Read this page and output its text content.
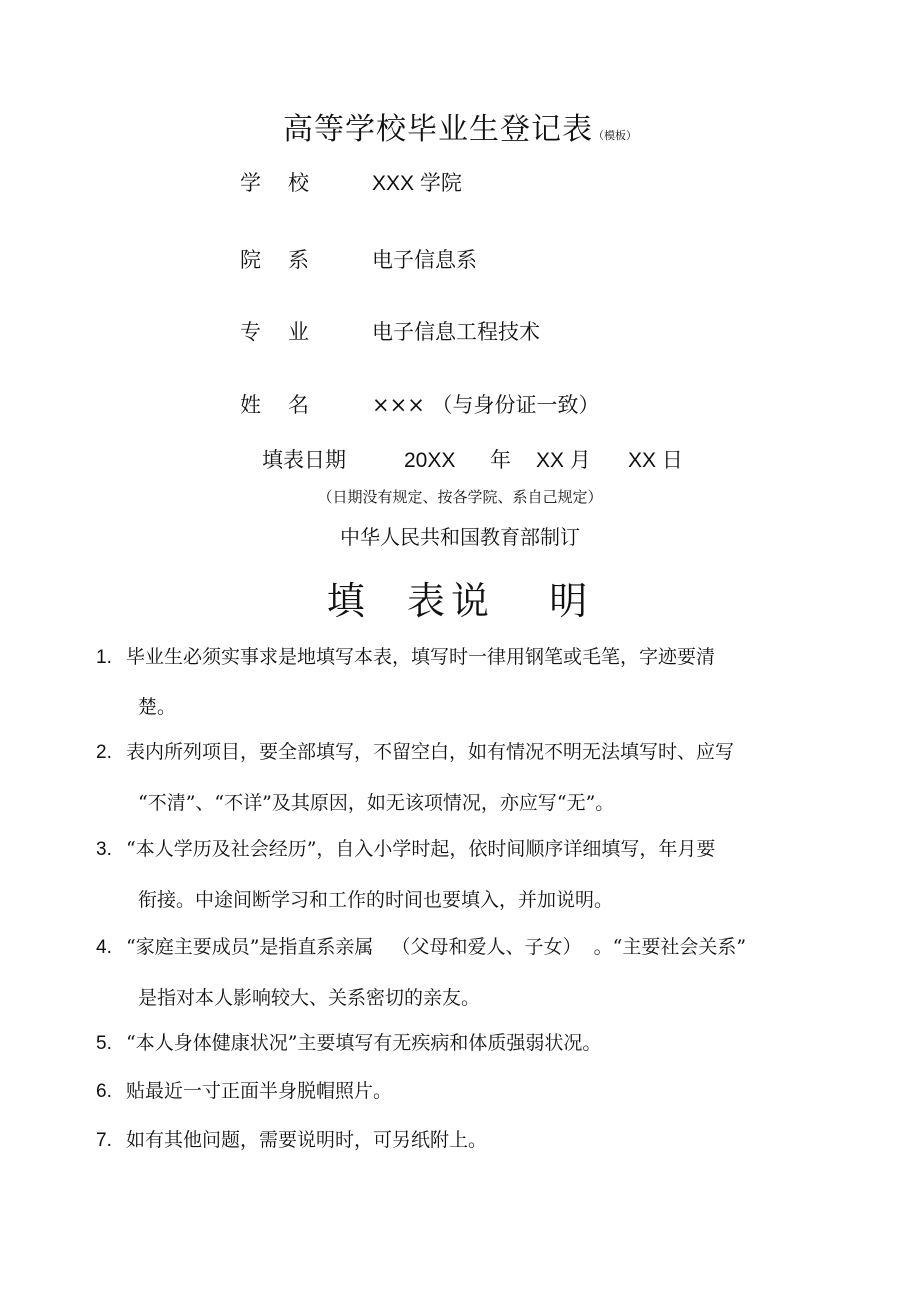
高等学校毕业生登记表（模板）
学 校	XXX 学院
院 系	电子信息系
专 业	电子信息工程技术
姓 名	××× （与身份证一致）
填表日期	20XX 年 XX 月 XX 日
（日期没有规定、按各学院、系自己规定）
中华人民共和国教育部制订
填  表说   明
1. 毕业生必须实事求是地填写本表，填写时一律用钢笔或毛笔，字迹要清
楚。
2. 表内所列项目，要全部填写，不留空白，如有情况不明无法填写时、应写
“不清”、“不详”及其原因，如无该项情况，亦应写“无”。
3. “本人学历及社会经历”，自入小学时起，依时间顺序详细填写，年月要
衔接。中途间断学习和工作的时间也要填入，并加说明。
4. “家庭主要成员”是指直系亲属   （父母和爱人、子女）  。“主要社会关系”
是指对本人影响较大、关系密切的亲友。
5. “本人身体健康状况”主要填写有无疾病和体质强弱状况。
6. 贴最近一寸正面半身脱帽照片。
7. 如有其他问题，需要说明时，可另纸附上。
